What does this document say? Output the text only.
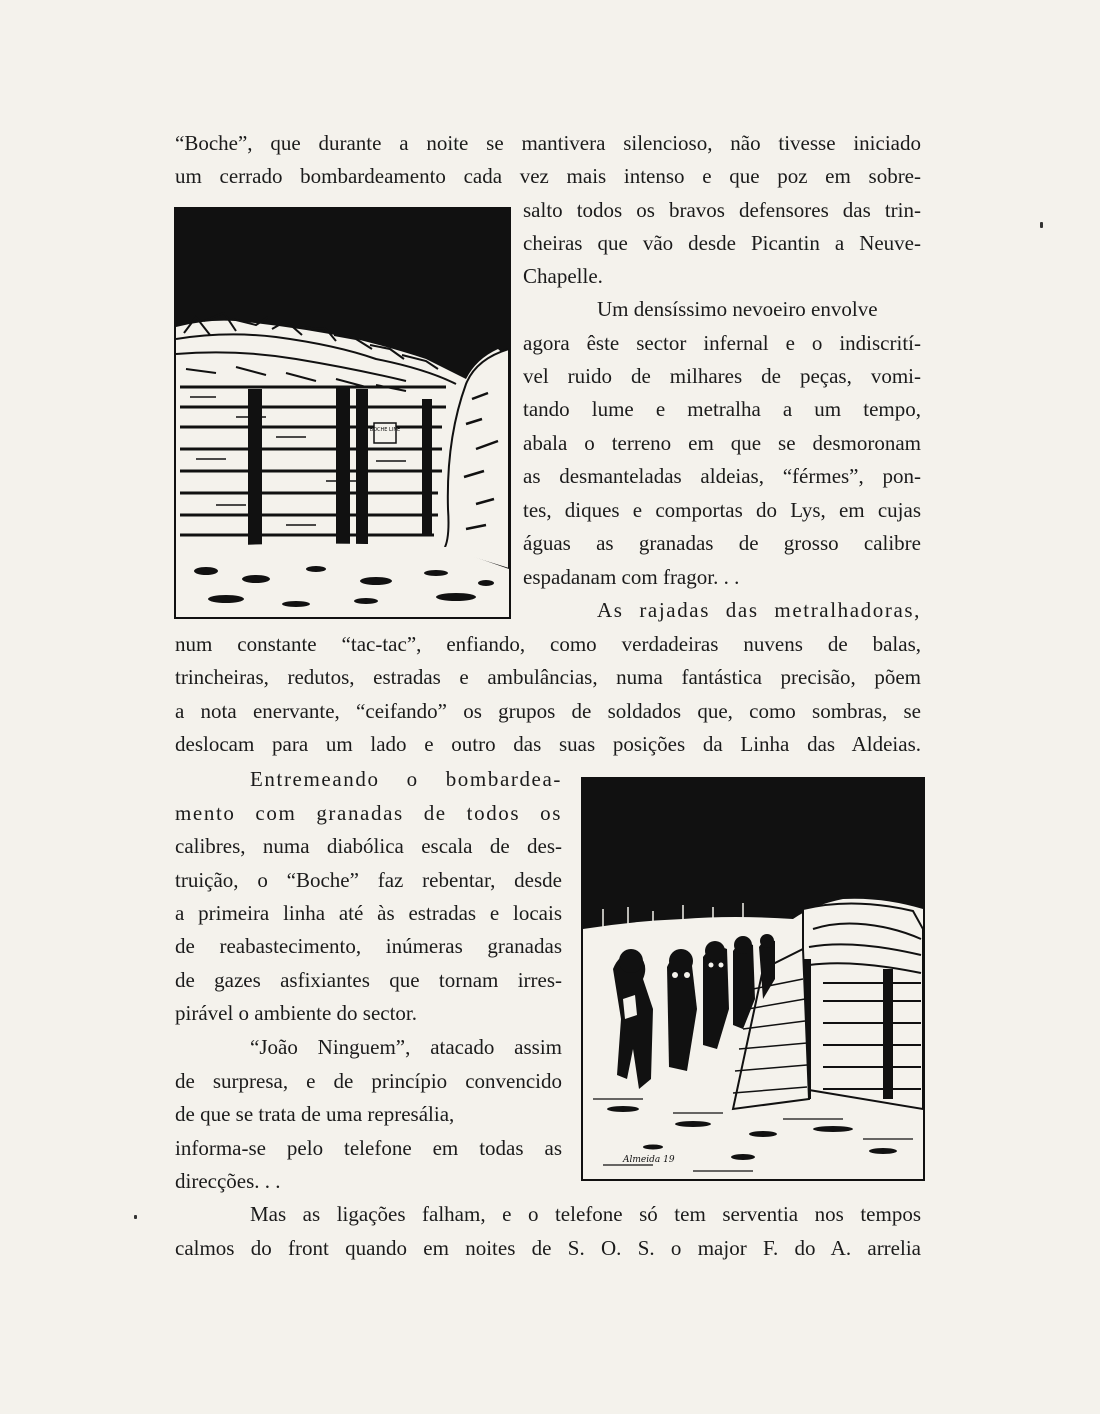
“Boche”, que durante a noite se mantivera silencioso, não tivesse iniciado
um cerrado bombardeamento cada vez mais intenso e que poz em sobre-
salto todos os bravos defensores das trin-
cheiras que vão desde Picantin a Neuve-
Chapelle.
Um densíssimo nevoeiro envolve
agora êste sector infernal e o indiscrití-
vel ruido de milhares de peças, vomi-
tando lume e metralha a um tempo,
abala o terreno em que se desmoronam
as desmanteladas aldeias, “férmes”, pon-
tes, diques e comportas do Lys, em cujas
águas as granadas de grosso calibre
espadanam com fragor. . .
As rajadas das metralhadoras,
num constante “tac-tac”, enfiando, como verdadeiras nuvens de balas,
trincheiras, redutos, estradas e ambulâncias, numa fantástica precisão, põem
a nota enervante, “ceifando” os grupos de soldados que, como sombras, se
deslocam para um lado e outro das suas posições da Linha das Aldeias.
Entremeando o bombardea-
mento com granadas de todos os
calibres, numa diabólica escala de des-
truição, o “Boche” faz rebentar, desde
a primeira linha até às estradas e locais
de reabastecimento, inúmeras granadas
de gazes asfixiantes que tornam irres-
pirável o ambiente do sector.
“João Ninguem”, atacado assim
de surpresa, e de princípio convencido
de que se trata de uma represália,
informa-se pelo telefone em todas as
direcções. . .
Mas as ligações falham, e o telefone só tem serventia nos tempos
calmos do front quando em noites de S. O. S. o major F. do A. arrelia
BOCHE LINE
Almeida 19
